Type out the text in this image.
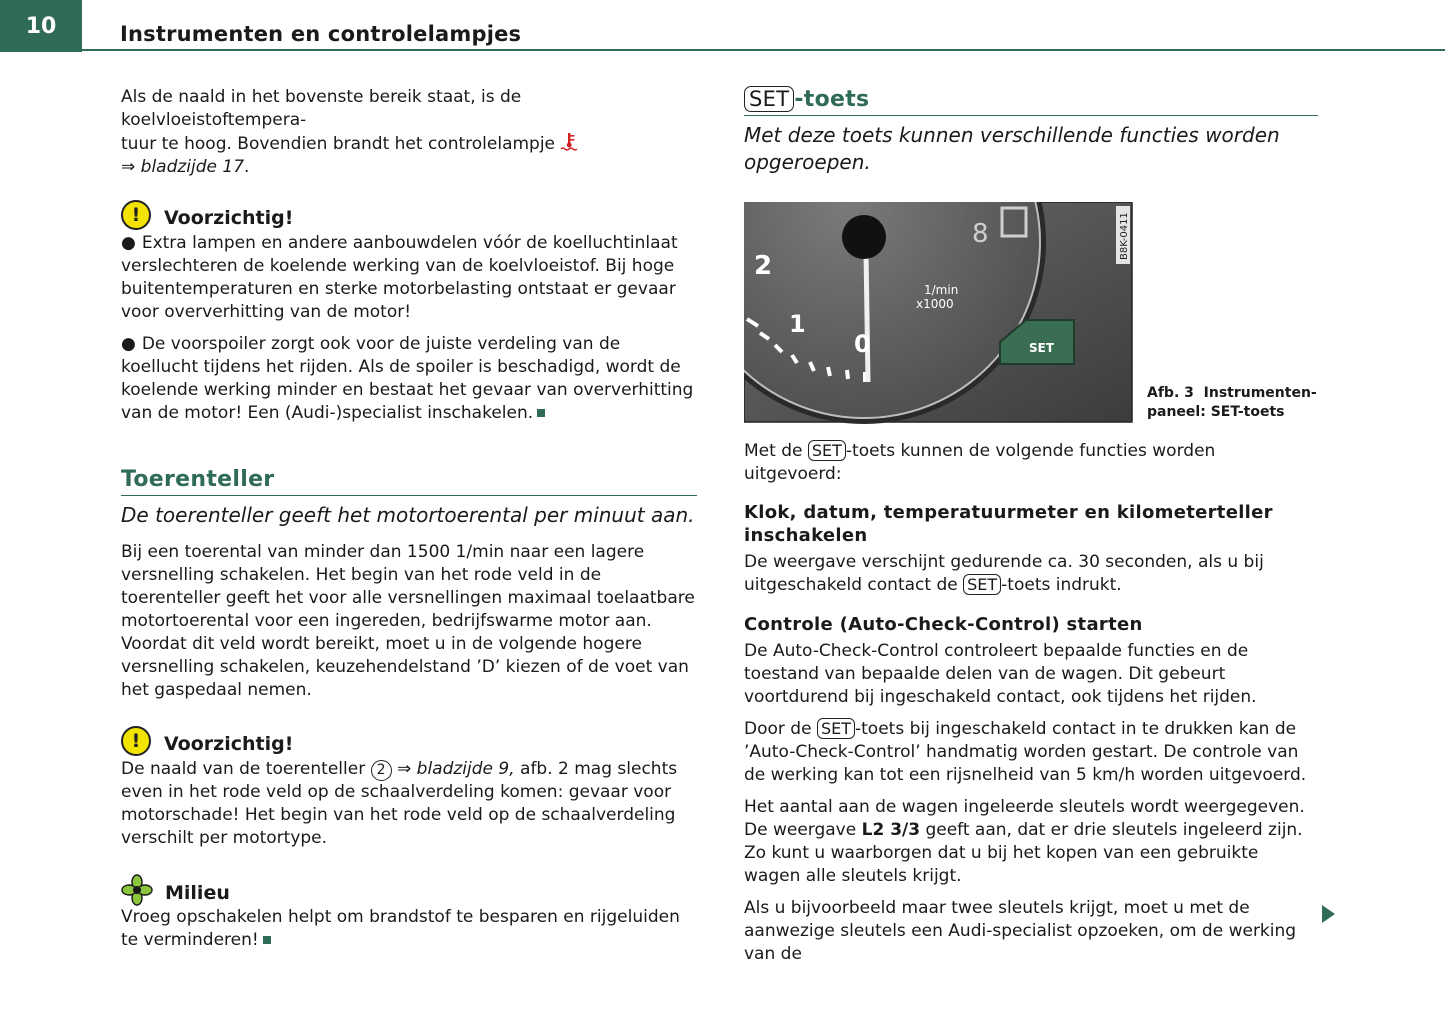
10	Instrumenten en controlelampjes

Als de naald in het bovenste bereik staat, is de koelvloeistoftempera-
tuur te hoog. Bovendien brandt het controlelampje
⇒ bladzijde 17.

!	Voorzichtig!

● Extra lampen en andere aanbouwdelen vóór de koelluchtinlaat verslechteren de koelende werking van de koelvloeistof. Bij hoge buitentemperaturen en sterke motorbelasting ontstaat er gevaar voor oververhitting van de motor!

● De voorspoiler zorgt ook voor de juiste verdeling van de koellucht tijdens het rijden. Als de spoiler is beschadigd, wordt de koelende werking minder en bestaat het gevaar van oververhitting van de motor! Een (Audi-)specialist inschakelen.

Toerenteller

De toerenteller geeft het motortoerental per minuut aan.

Bij een toerental van minder dan 1500 1/min naar een lagere versnelling schakelen. Het begin van het rode veld in de toerenteller geeft het voor alle versnellingen maximaal toelaatbare motortoerental voor een ingereden, bedrijfswarme motor aan. Voordat dit veld wordt bereikt, moet u in de volgende hogere versnelling schakelen, keuzehendelstand ’D’ kiezen of de voet van het gaspedaal nemen.

!	Voorzichtig!

De naald van de toerenteller 2 ⇒ bladzijde 9, afb. 2 mag slechts even in het rode veld op de schaalverdeling komen: gevaar voor motorschade! Het begin van het rode veld op de schaalverdeling verschilt per motortype.

Milieu

Vroeg opschakelen helpt om brandstof te besparen en rijgeluiden te verminderen!

SET -toets

Met deze toets kunnen verschillende functies worden opgeroepen.

2
1
0
8
1/min
x1000
SET
B8K-0411
Afb. 3 Instrumenten-paneel: SET-toets

Met de SET -toets kunnen de volgende functies worden uitgevoerd:

Klok, datum, temperatuurmeter en kilometerteller inschakelen

De weergave verschijnt gedurende ca. 30 seconden, als u bij uitgeschakeld contact de SET -toets indrukt.

Controle (Auto-Check-Control) starten

De Auto-Check-Control controleert bepaalde functies en de toestand van bepaalde delen van de wagen. Dit gebeurt voortdurend bij ingeschakeld contact, ook tijdens het rijden.

Door de SET -toets bij ingeschakeld contact in te drukken kan de ’Auto-Check-Control’ handmatig worden gestart. De controle van de werking kan tot een rijsnelheid van 5 km/h worden uitgevoerd.

Het aantal aan de wagen ingeleerde sleutels wordt weergegeven. De weergave L2 3/3 geeft aan, dat er drie sleutels ingeleerd zijn. Zo kunt u waarborgen dat u bij het kopen van een gebruikte wagen alle sleutels krijgt.

Als u bijvoorbeeld maar twee sleutels krijgt, moet u met de aanwezige sleutels een Audi-specialist opzoeken, om de werking van de
